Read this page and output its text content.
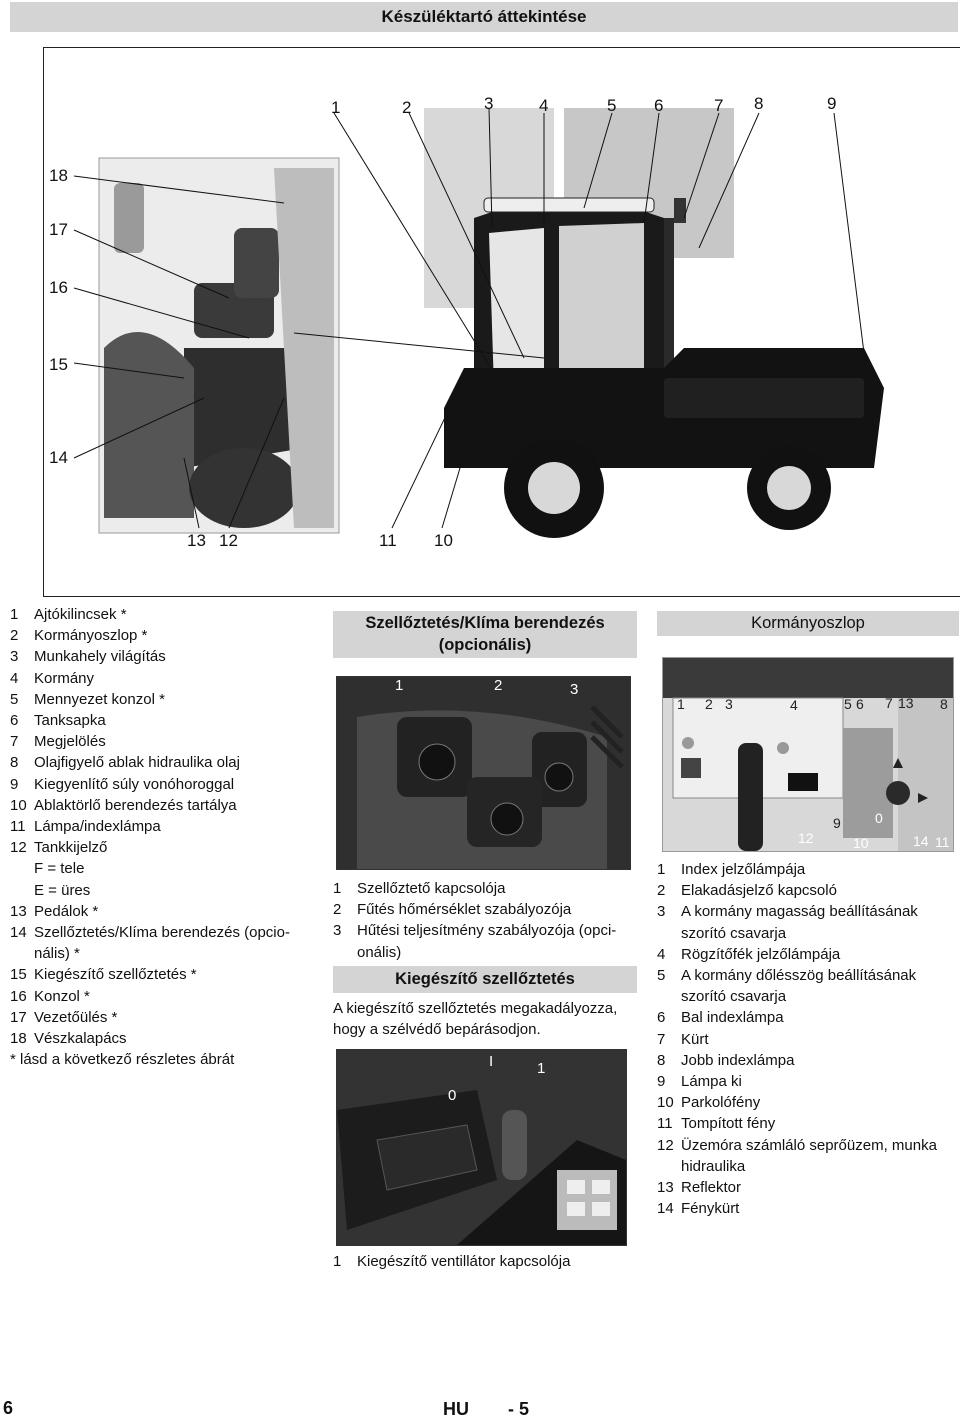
Készüléktartó áttekintése
1	2	3	4	5 6	7 8	9
18
17
16
15
14
13 12	11 10
1	Ajtókilincsek *
2	Kormányoszlop *
3	Munkahely világítás
4	Kormány
5	Mennyezet konzol *
6	Tanksapka
7	Megjelölés
8	Olajfigyelő ablak hidraulika olaj
9	Kiegyenlítő súly vonóhoroggal
10 Ablaktörlő berendezés tartálya
11 Lámpa/indexlámpa
12 Tankkijelző
F = tele
E = üres
13 Pedálok *
14 Szellőztetés/Klíma berendezés (opcio-
nális) *
15 Kiegészítő szellőztetés *
16 Konzol *
17 Vezetőülés *
18 Vészkalapács
* lásd a következő részletes ábrát
Szellőztetés/Klíma berendezés
(opcionális)
1	2	3
1	Szellőztető kapcsolója
2	Fűtés hőmérséklet szabályozója
3	Hűtési teljesítmény szabályozója (opci-
onális)
Kiegészítő szellőztetés
A kiegészítő szellőztetés megakadályozza,
hogy a szélvédő bepárásodjon.
0
I	1
1	Kiegészítő ventillátor kapcsolója
Kormányoszlop
1 2 3	4	5 6 7 13 8
12
9 0
10	14 11
1	Index jelzőlámpája
2	Elakadásjelző kapcsoló
3	A kormány magasság beállításának
szorító csavarja
4	Rögzítőfék jelzőlámpája
5	A kormány dőlésszög beállításának
szorító csavarja
6	Bal indexlámpa
7	Kürt
8	Jobb indexlámpa
9	Lámpa ki
10 Parkolófény
11 Tompított fény
12 Üzemóra számláló seprőüzem, munka
hidraulika
13 Reflektor
14 Fénykürt
6	HU - 5
